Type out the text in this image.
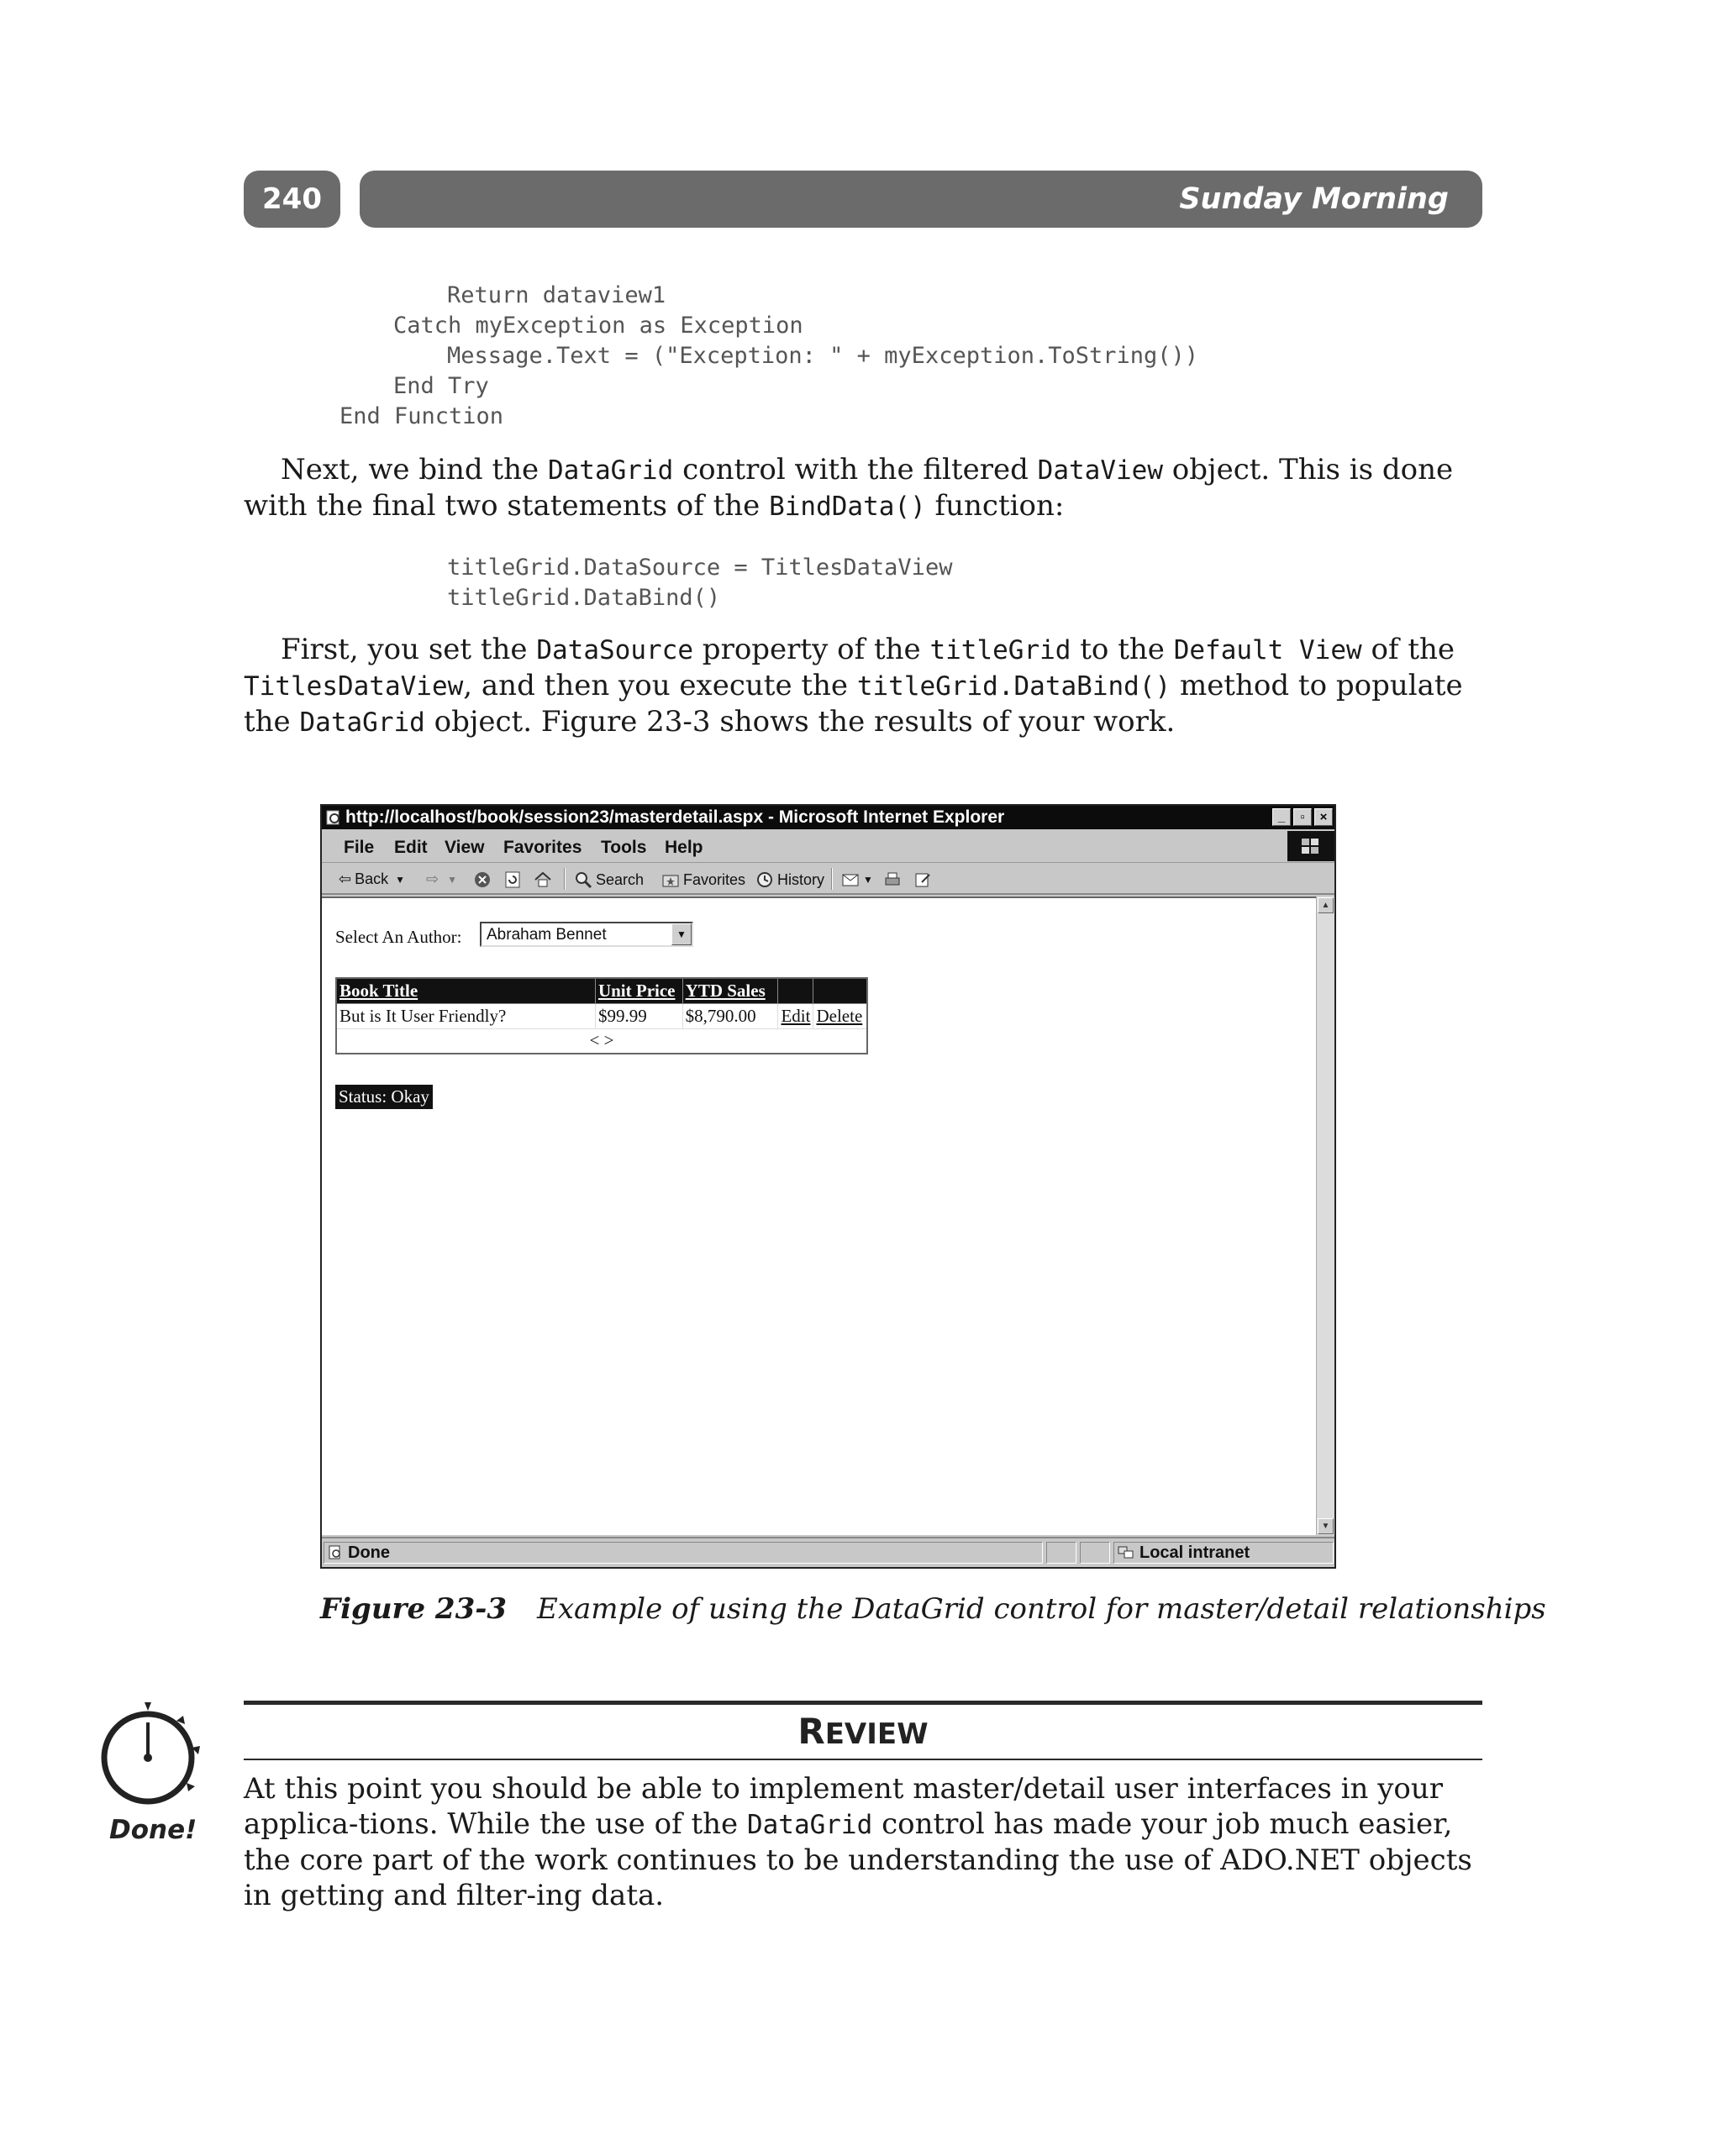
240	Sunday Morning
Return dataview1
Catch myException as Exception
Message.Text = ("Exception: " + myException.ToString())
End Try
End Function

Next, we bind the DataGrid control with the filtered DataView object. This is done with the final two statements of the BindData() function:

titleGrid.DataSource = TitlesDataView
titleGrid.DataBind()

First, you set the DataSource property of the titleGrid to the Default View of the TitlesDataView, and then you execute the titleGrid.DataBind() method to populate the DataGrid object. Figure 23-3 shows the results of your work.

http://localhost/book/session23/masterdetail.aspx - Microsoft Internet Explorer	_	▫	×
File Edit View Favorites Tools Help
⇦ Back ▼ ⇨ ▼	Search	Favorites History	▼
Select An Author:	Abraham Bennet	▼
Book Title	Unit Price	YTD Sales		
But is It User Friendly?	$99.99	$8,790.00	Edit	Delete
< >				
Status: Okay
▲
▼
Done	Local intranet
Figure 23-3 Example of using the DataGrid control for master/detail relationships
Done!
REVIEW
At this point you should be able to implement master/detail user interfaces in your applica-tions. While the use of the DataGrid control has made your job much easier, the core part of the work continues to be understanding the use of ADO.NET objects in getting and filter-ing data.
